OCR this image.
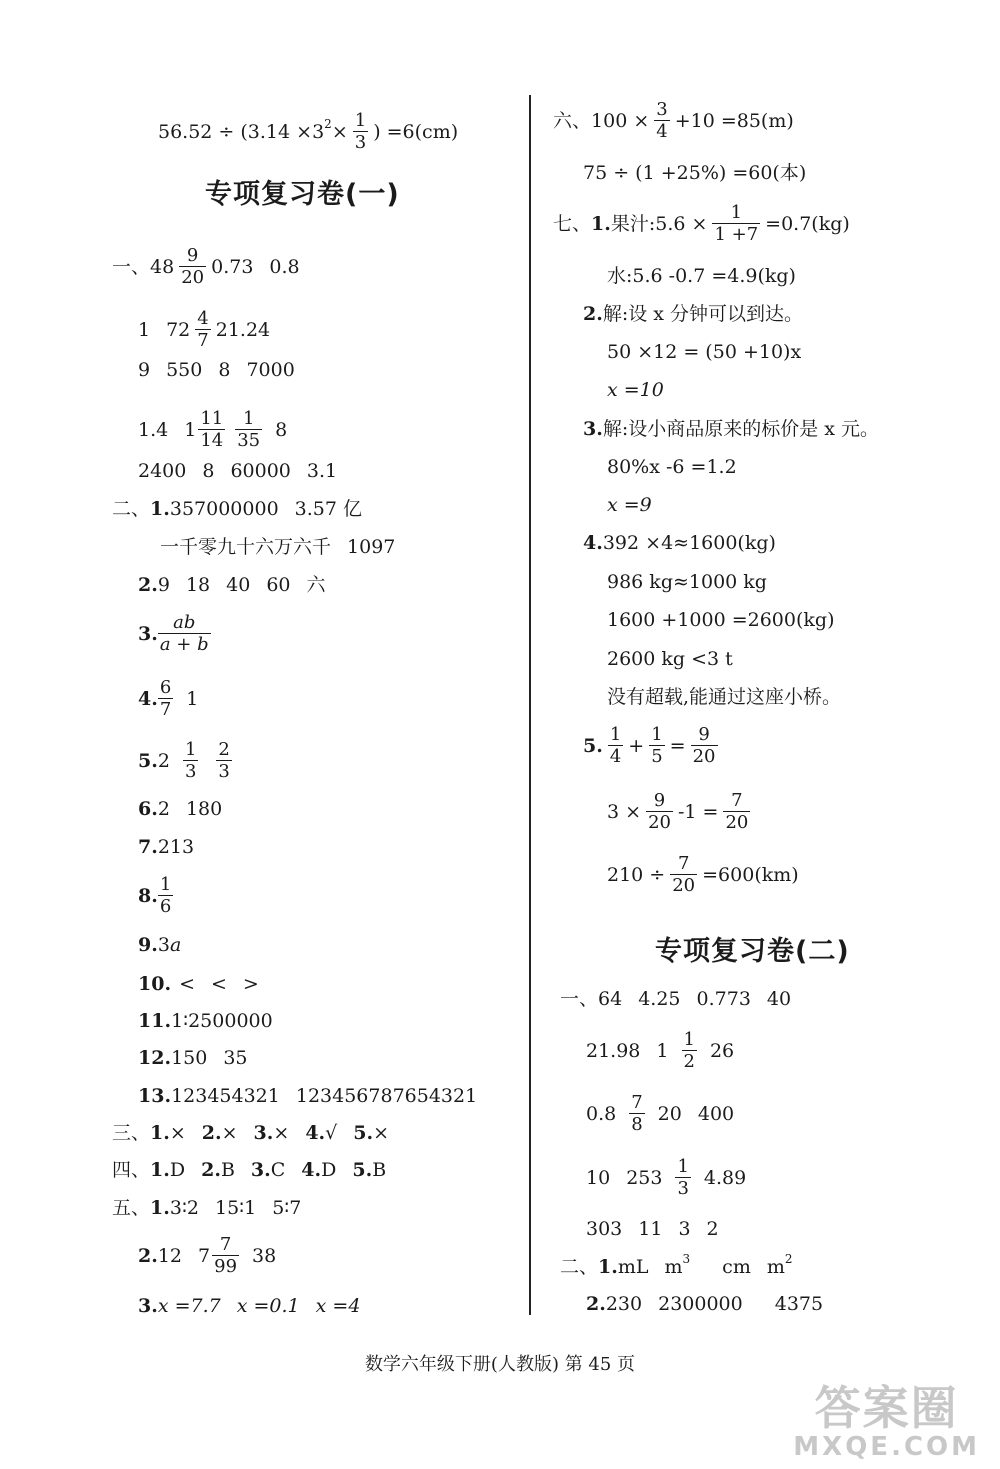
56.52 ÷ (3.14 ×3 $2 \times \frac{1}{3}$ ) =6(cm)
专项复习卷(一)
一、 $48 \frac{9}{20} 0.73$ 0.8
1 $72 \frac{4}{7} 21.24$
9 550 8 7000
1.4 $1 \frac{11}{14} \frac{1}{35} 8$
2400 8 60000 3.1
二、 1. 357000000 3.57 亿
一千零九十六万六千 1097
2. 9 18 40 60 六
3. $\frac{ab}{a + b}$
4. $\frac{6}{7} 1$
5. $2 \frac{1}{3} \frac{2}{3}$
6. 2 180
7. 213
8. $\frac{1}{6}$
9. 3 a
10. < < >
11. 1∶2500000
12. 150 35
13. 123454321 123456787654321
三、 1. × 2. × 3. × 4. √ 5. ×
四、 1. D 2. B 3. C 4. D 5. B
五、 1. 3∶2 15∶1 5∶7
2. 12 $7 \frac{7}{99} 38$
3. x =7.7 x =0.1 x =4
六、 $100 \times \frac{3}{4} +10 =85(m)$
75 ÷ (1 +25%) =60(本)
七、 1. 果汁:5.6 × $\frac{1}{1 +7} =0.7(kg)$
水:5.6 -0.7 =4.9(kg)
2. 解:设 x 分钟可以到达。
50 ×12 = (50 +10)x
x =10
3. 解:设小商品原来的标价是 x 元。
80%x -6 =1.2
x =9
4. 392 ×4≈1600(kg)
986 kg≈1000 kg
1600 +1000 =2600(kg)
2600 kg <3 t
没有超载,能通过这座小桥。
5. $\frac{1}{4} + \frac{1}{5} = \frac{9}{20}$
$3 \times \frac{9}{20} -1 = \frac{7}{20}$
$210 \div \frac{7}{20} =600(km)$
专项复习卷(二)
一、 64 4.25 0.773 40
21.98 $1 \frac{1}{2} 26$
$0.8 \frac{7}{8} 20$ 400
10 $253 \frac{1}{3} 4.89$
303 11 3 2
二、 1. mL m 3 cm m 2
2. 230 2300000 4375
数学六年级下册(人教版) 第 45 页
答案圈
MXQE.COM
